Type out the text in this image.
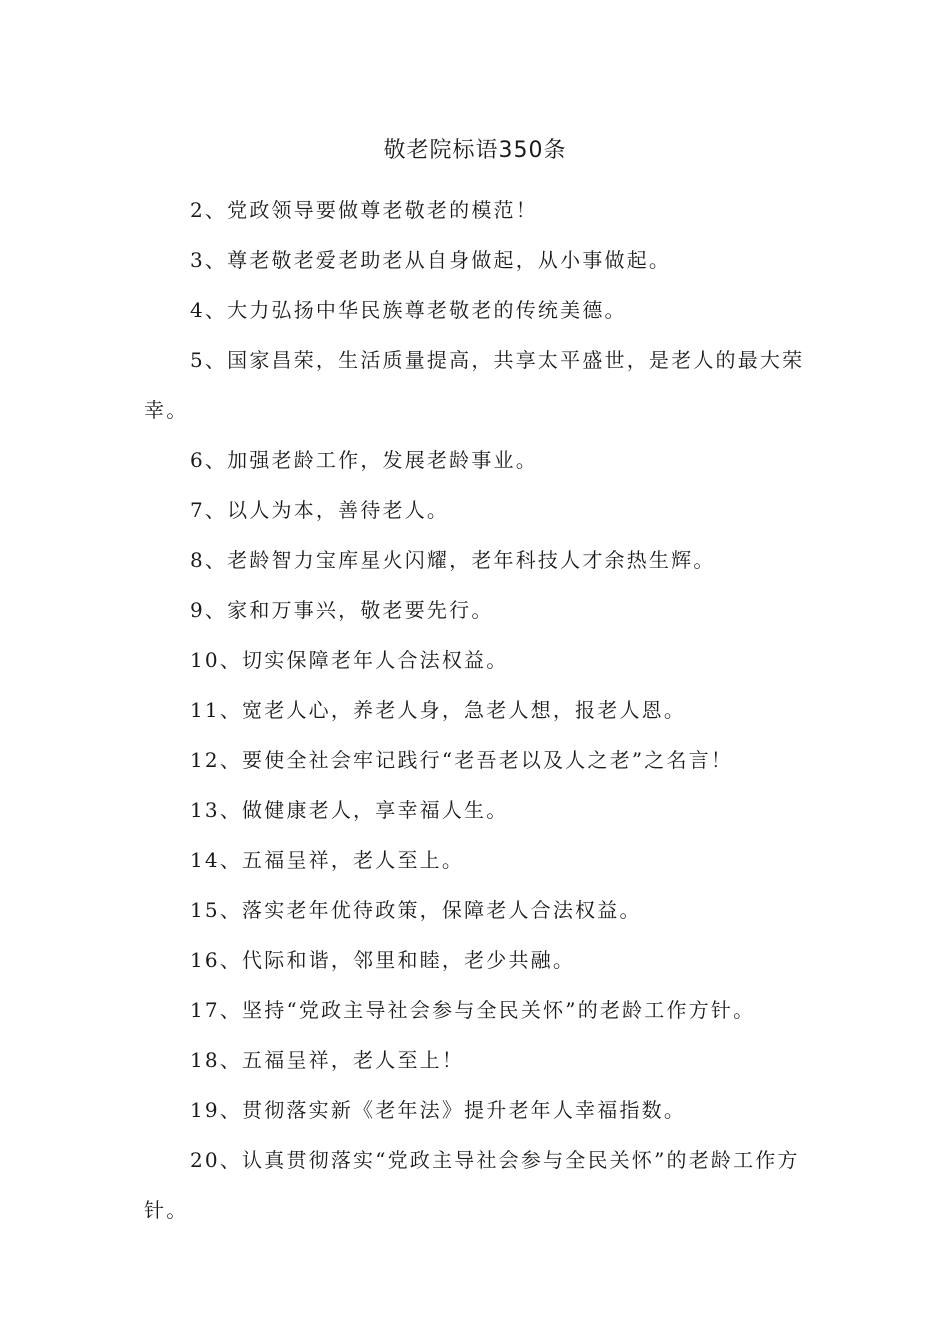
敬老院标语350条

2、党政领导要做尊老敬老的模范！

3、尊老敬老爱老助老从自身做起，从小事做起。

4、大力弘扬中华民族尊老敬老的传统美德。

5、国家昌荣，生活质量提高，共享太平盛世，是老人的最大荣幸。

6、加强老龄工作，发展老龄事业。

7、以人为本，善待老人。

8、老龄智力宝库星火闪耀，老年科技人才余热生辉。

9、家和万事兴，敬老要先行。

10、切实保障老年人合法权益。

11、宽老人心，养老人身，急老人想，报老人恩。

12、要使全社会牢记践行“老吾老以及人之老”之名言！

13、做健康老人，享幸福人生。

14、五福呈祥，老人至上。

15、落实老年优待政策，保障老人合法权益。

16、代际和谐，邻里和睦，老少共融。

17、坚持“党政主导社会参与全民关怀”的老龄工作方针。

18、五福呈祥，老人至上！

19、贯彻落实新《老年法》提升老年人幸福指数。

20、认真贯彻落实“党政主导社会参与全民关怀”的老龄工作方针。
